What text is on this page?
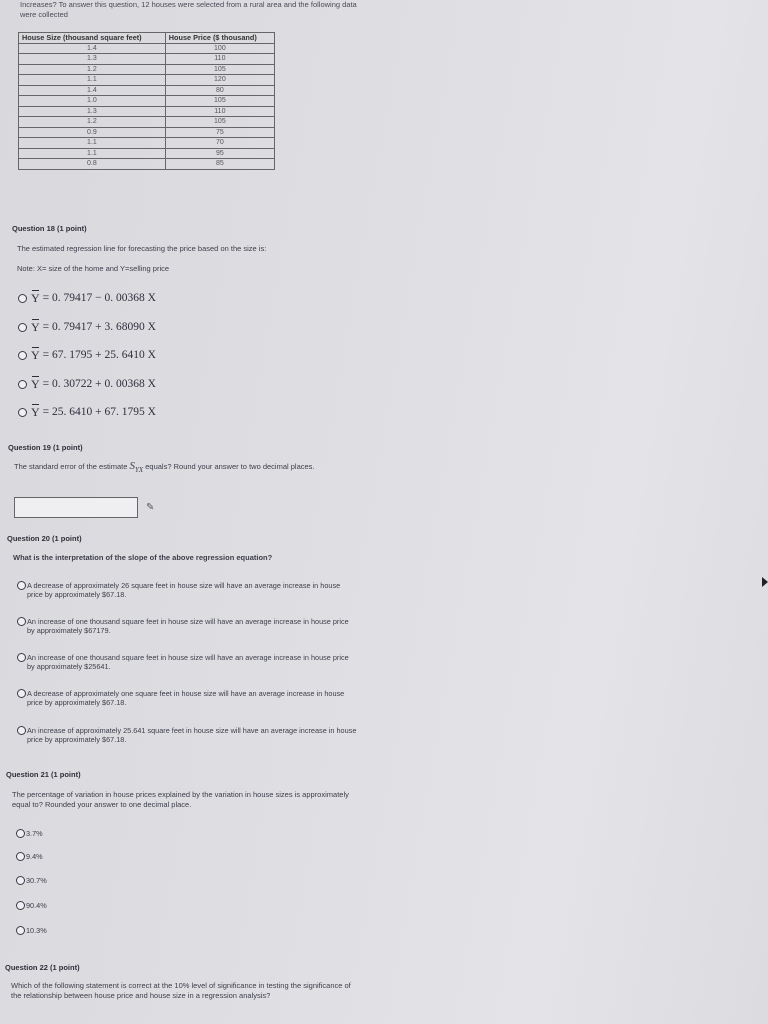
Increases? To answer this question, 12 houses were selected from a rural area and the following data were collected
House Size (thousand square feet)	House Price ($ thousand)
1.4	100
1.3	110
1.2	105
1.1	120
1.4	80
1.0	105
1.3	110
1.2	105
0.9	75
1.1	70
1.1	95
0.8	85
Question 18 (1 point)
The estimated regression line for forecasting the price based on the size is:
Note: X= size of the home and Y=selling price
Y = 0. 79417 − 0. 00368 X
Y = 0. 79417 + 3. 68090 X
Y = 67. 1795 + 25. 6410 X
Y = 0. 30722 + 0. 00368 X
Y = 25. 6410 + 67. 1795 X
Question 19 (1 point)
The standard error of the estimate $S_{YX}$ equals? Round your answer to two decimal places.
✎
Question 20 (1 point)
What is the interpretation of the slope of the above regression equation?
A decrease of approximately 26 square feet in house size will have an average increase in house price by approximately $67.18.
An increase of one thousand square feet in house size will have an average increase in house price by approximately $67179.
An increase of one thousand square feet in house size will have an average increase in house price by approximately $25641.
A decrease of approximately one square feet in house size will have an average increase in house price by approximately $67.18.
An increase of approximately 25.641 square feet in house size will have an average increase in house price by approximately $67.18.
Question 21 (1 point)
The percentage of variation in house prices explained by the variation in house sizes is approximately equal to? Rounded your answer to one decimal place.
3.7%
9.4%
30.7%
90.4%
10.3%
Question 22 (1 point)
Which of the following statement is correct at the 10% level of significance in testing the significance of the relationship between house price and house size in a regression analysis?
